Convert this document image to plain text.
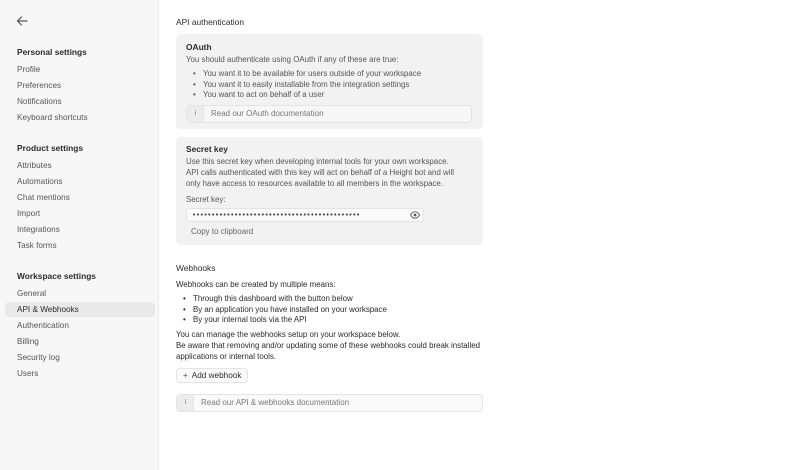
Personal settings
Profile
Preferences
Notifications
Keyboard shortcuts
Product settings
Attributes
Automations
Chat mentions
Import
Integrations
Task forms
Workspace settings
General
API & Webhooks
Authentication
Billing
Security log
Users
API authentication
OAuth
You should authenticate using OAuth if any of these are true:
• You want it to be available for users outside of your workspace
• You want it to easily installable from the integration settings
• You want to act on behalf of a user
i	Read our OAuth documentation
Secret key
Use this secret key when developing internal tools for your own workspace.
API calls authenticated with this key will act on behalf of a Height bot and will
only have access to resources available to all members in the workspace.
Secret key:
••••••••••••••••••••••••••••••••••••••••••••
Copy to clipboard
Webhooks
Webhooks can be created by multiple means:
• Through this dashboard with the button below
• By an application you have installed on your workspace
• By your internal tools via the API
You can manage the webhooks setup on your workspace below.
Be aware that removing and/or updating some of these webhooks could break installed
applications or internal tools.
+ Add webhook
i	Read our API & webhooks documentation
